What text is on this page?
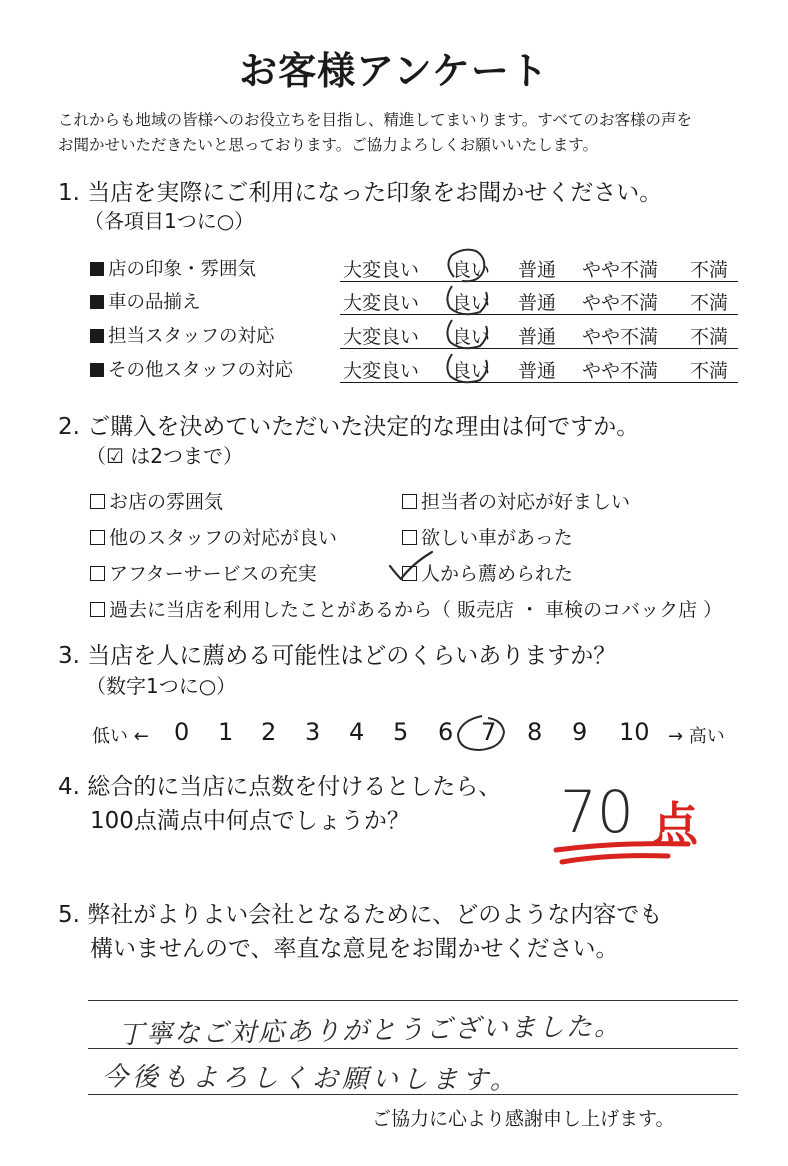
お客様アンケート
これからも地域の皆様へのお役立ちを目指し、精進してまいります。すべてのお客様の声を
お聞かせいただきたいと思っております。ご協力よろしくお願いいたします。
1. 当店を実際にご利用になった印象をお聞かせください。
（各項目1つに○）
店の印象・雰囲気	大変良い 良い 普通 やや不満 不満
車の品揃え	大変良い 良い 普通 やや不満 不満
担当スタッフの対応	大変良い 良い 普通 やや不満 不満
その他スタッフの対応	大変良い 良い 普通 やや不満 不満
2. ご購入を決めていただいた決定的な理由は何ですか。
（☑ は2つまで）
お店の雰囲気	担当者の対応が好ましい
他のスタッフの対応が良い	欲しい車があった
アフターサービスの充実	人から薦められた
過去に当店を利用したことがあるから（ 販売店 ・ 車検のコバック店 ）
3. 当店を人に薦める可能性はどのくらいありますか？
（数字1つに○）
低い ← 0 1 2 3 4 5 6 7 8 9 10 → 高い
4. 総合的に当店に点数を付けるとしたら、
100点満点中何点でしょうか？	70 点
5. 弊社がよりよい会社となるために、どのような内容でも
構いませんので、率直な意見をお聞かせください。
丁寧なご対応ありがとうございました。
今後もよろしくお願いします。
ご協力に心より感謝申し上げます。
